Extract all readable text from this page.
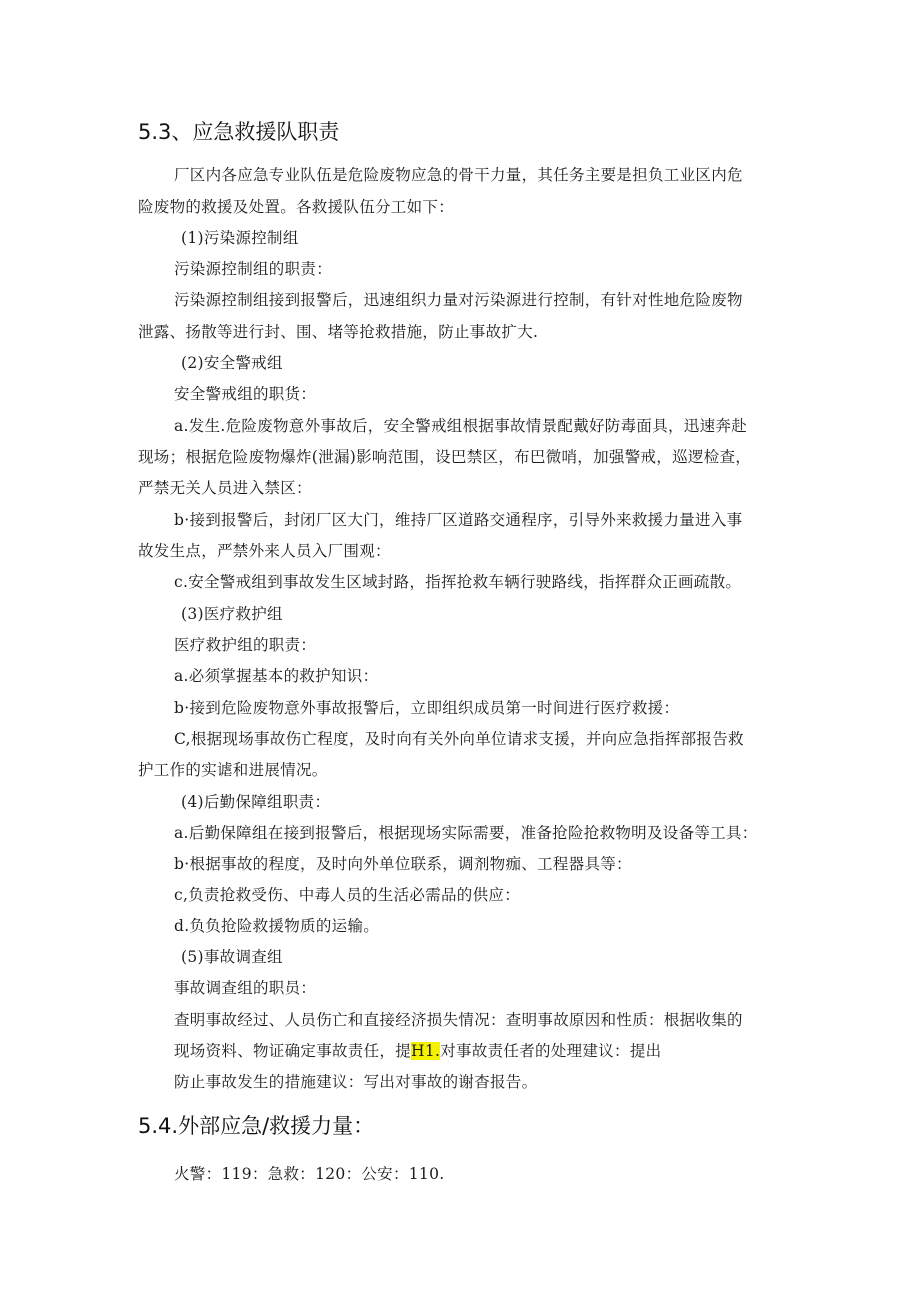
5.3、应急救援队职责
厂区内各应急专业队伍是危险废物应急的骨干力量，其任务主要是担负工业区内危
险废物的救援及处置。各救援队伍分工如下：
(1)污染源控制组
污染源控制组的职责：
污染源控制组接到报警后，迅速组织力量对污染源进行控制，有针对性地危险废物
泄露、扬散等进行封、围、堵等抢救措施，防止事故扩大.
(2)安全警戒组
安全警戒组的职货：
a.发生.危险废物意外事故后，安全警戒组根据事故情景配戴好防毒面具，迅速奔赴
现场；根据危险废物爆炸(泄漏)影响范围，设巴禁区，布巴微哨，加强警戒，巡逻检查，
严禁无关人员进入禁区：
b·接到报警后，封闭厂区大门，维持厂区道路交通程序，引导外来救援力量进入事
故发生点，严禁外来人员入厂围观：
c.安全警戒组到事故发生区域封路，指挥抢救车辆行驶路线，指挥群众正画疏散。
(3)医疗救护组
医疗救护组的职责：
a.必须掌握基本的救护知识：
b·接到危险废物意外事故报警后，立即组织成员第一时间进行医疗救援：
C,根据现场事故伤亡程度，及时向有关外向单位请求支援，并向应急指挥部报告救
护工作的实谑和进展情况。
(4)后勤保障组职责：
a.后勤保障组在接到报警后，根据现场实际需要，准备抢险抢救物明及设备等工具：
b·根据事故的程度，及时向外单位联系，调剂物痂、工程器具等：
c,负责抢救受伤、中毒人员的生活必需品的供应：
d.负负抢险救援物质的运输。
(5)事故调查组
事故调查组的职员：
查明事故经过、人员伤亡和直接经济损失情况：查明事故原因和性质：根据收集的
现场资料、物证确定事故责任，提H1.对事故责任者的处理建议：提出
防止事故发生的措施建议：写出对事故的谢杳报告。
5.4.外部应急/救援力量：
火警：119：急救：120：公安：110.
